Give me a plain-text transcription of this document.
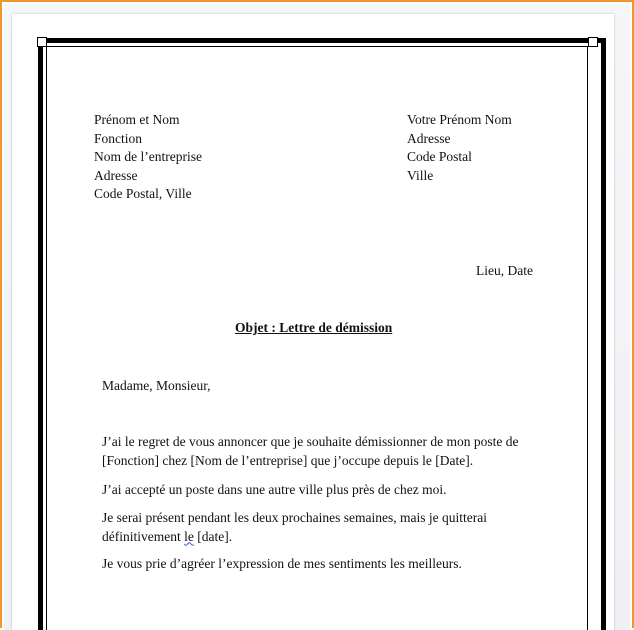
Prénom et Nom
Fonction
Nom de l’entreprise
Adresse
Code Postal, Ville
Votre Prénom Nom
Adresse
Code Postal
Ville
Lieu, Date
Objet : Lettre de démission
Madame, Monsieur,
J’ai le regret de vous annoncer que je souhaite démissionner de mon poste de
[Fonction] chez [Nom de l’entreprise] que j’occupe depuis le [Date].
J’ai accepté un poste dans une autre ville plus près de chez moi.
Je serai présent pendant les deux prochaines semaines, mais je quitterai
définitivement le [date].
Je vous prie d’agréer l’expression de mes sentiments les meilleurs.
